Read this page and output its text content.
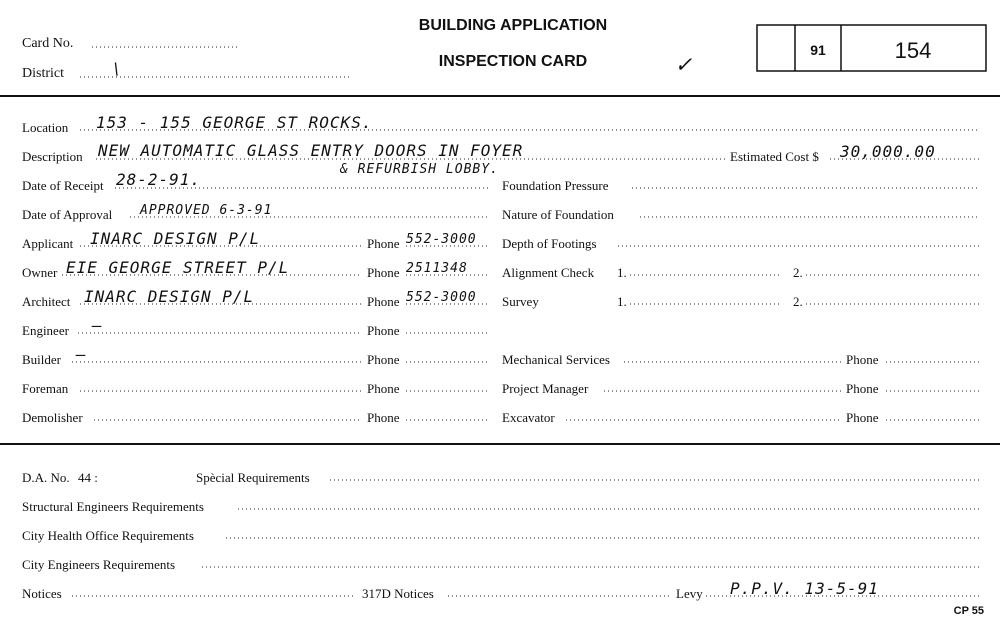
Card No.
District	\
BUILDING APPLICATION
INSPECTION CARD	✓	91	154
Location 153 - 155 GEORGE ST ROCKS.
Description NEW AUTOMATIC GLASS ENTRY DOORS IN FOYER
& REFURBISH LOBBY.
Estimated Cost $ 30,000.00
Date of Receipt 28-2-91.	Foundation Pressure
Date of Approval APPROVED 6-3-91	Nature of Foundation
Applicant INARC DESIGN P/L	Phone 552-3000 Depth of Footings
Owner EIE GEORGE STREET P/L	Phone 2511348	Alignment Check 1.	2.
Architect INARC DESIGN P/L	Phone 552-3000 Survey	1.	2.
Engineer —	Phone
Builder —	Phone	Mechanical Services	Phone
Foreman	Phone	Project Manager	Phone
Demolisher	Phone	Excavator	Phone
D.A. No. 44 :	Spècial Requirements
Structural Engineers Requirements
City Health Office Requirements
City Engineers Requirements
Notices	317D Notices	Levy P.P.V. 13-5-91
CP 55
